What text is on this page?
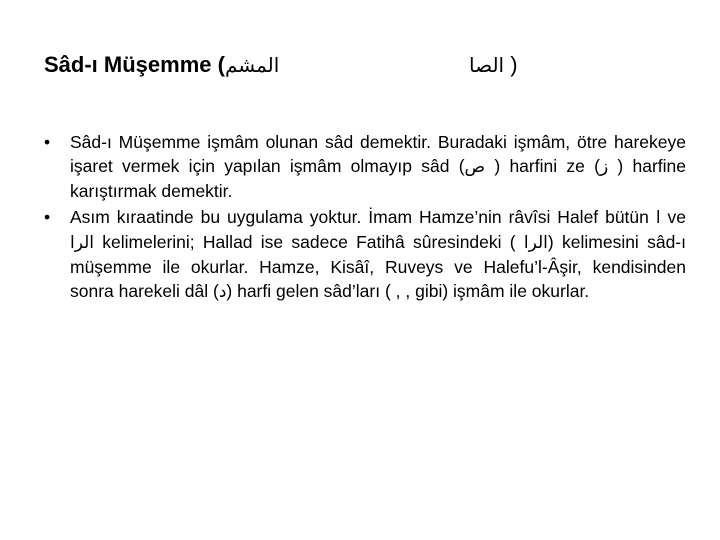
Sâd-ı Müşemme (المشم	الصا )
• Sâd-ı Müşemme işmâm olunan sâd demektir. Buradaki işmâm, ötre harekeye işaret vermek için yapılan işmâm olmayıp sâd (ص ) harfini ze (ز ) harfine karıştırmak demektir.
• Asım kıraatinde bu uygulama yoktur. İmam Hamze’nin râvîsi Halef bütün ا ve الرا kelimelerini; Hallad ise sadece Fatihâ sûresindeki ( الرا) kelimesini sâd-ı müşemme ile okurlar. Hamze, Kisâî, Ruveys ve Halefu’l-Âşir, kendisinden sonra harekeli dâl (د) harfi gelen sâd’ları ( , , gibi) işmâm ile okurlar.
